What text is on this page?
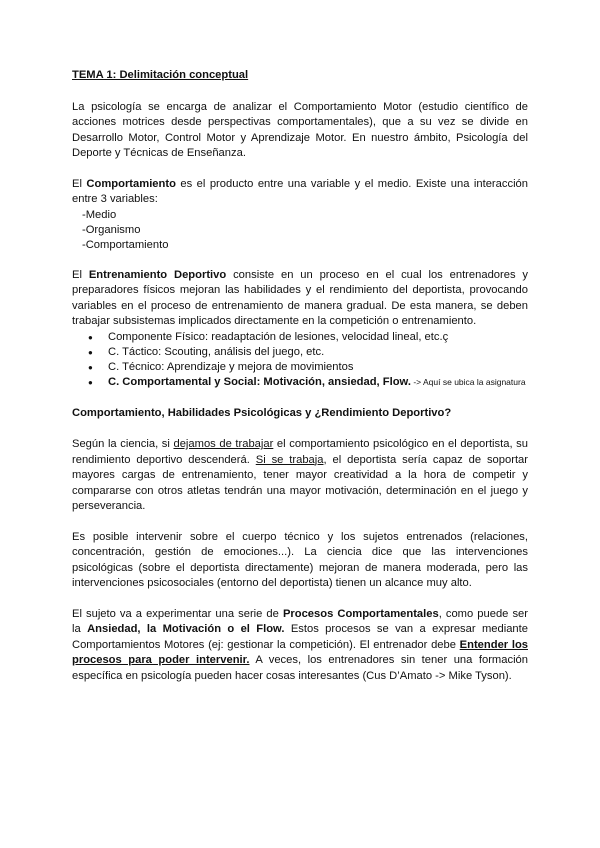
TEMA 1: Delimitación conceptual

La psicología se encarga de analizar el Comportamiento Motor (estudio científico de acciones motrices desde perspectivas comportamentales), que a su vez se divide en Desarrollo Motor, Control Motor y Aprendizaje Motor. En nuestro ámbito, Psicología del Deporte y Técnicas de Enseñanza.

El Comportamiento es el producto entre una variable y el medio. Existe una interacción entre 3 variables:

-Medio
-Organismo
-Comportamiento

El Entrenamiento Deportivo consiste en un proceso en el cual los entrenadores y preparadores físicos mejoran las habilidades y el rendimiento del deportista, provocando variables en el proceso de entrenamiento de manera gradual. De esta manera, se deben trabajar subsistemas implicados directamente en la competición o entrenamiento.

● Componente Físico: readaptación de lesiones, velocidad lineal, etc.ç
● C. Táctico: Scouting, análisis del juego, etc.
● C. Técnico: Aprendizaje y mejora de movimientos
● C. Comportamental y Social: Motivación, ansiedad, Flow. -> Aquí se ubica la asignatura

Comportamiento, Habilidades Psicológicas y ¿Rendimiento Deportivo?

Según la ciencia, si dejamos de trabajar el comportamiento psicológico en el deportista, su rendimiento deportivo descenderá. Si se trabaja, el deportista sería capaz de soportar mayores cargas de entrenamiento, tener mayor creatividad a la hora de competir y compararse con otros atletas tendrán una mayor motivación, determinación en el juego y perseverancia.

Es posible intervenir sobre el cuerpo técnico y los sujetos entrenados (relaciones, concentración, gestión de emociones...). La ciencia dice que las intervenciones psicológicas (sobre el deportista directamente) mejoran de manera moderada, pero las intervenciones psicosociales (entorno del deportista) tienen un alcance muy alto.

El sujeto va a experimentar una serie de Procesos Comportamentales, como puede ser la Ansiedad, la Motivación o el Flow. Estos procesos se van a expresar mediante Comportamientos Motores (ej: gestionar la competición). El entrenador debe Entender los procesos para poder intervenir. A veces, los entrenadores sin tener una formación específica en psicología pueden hacer cosas interesantes (Cus D’Amato -> Mike Tyson).
